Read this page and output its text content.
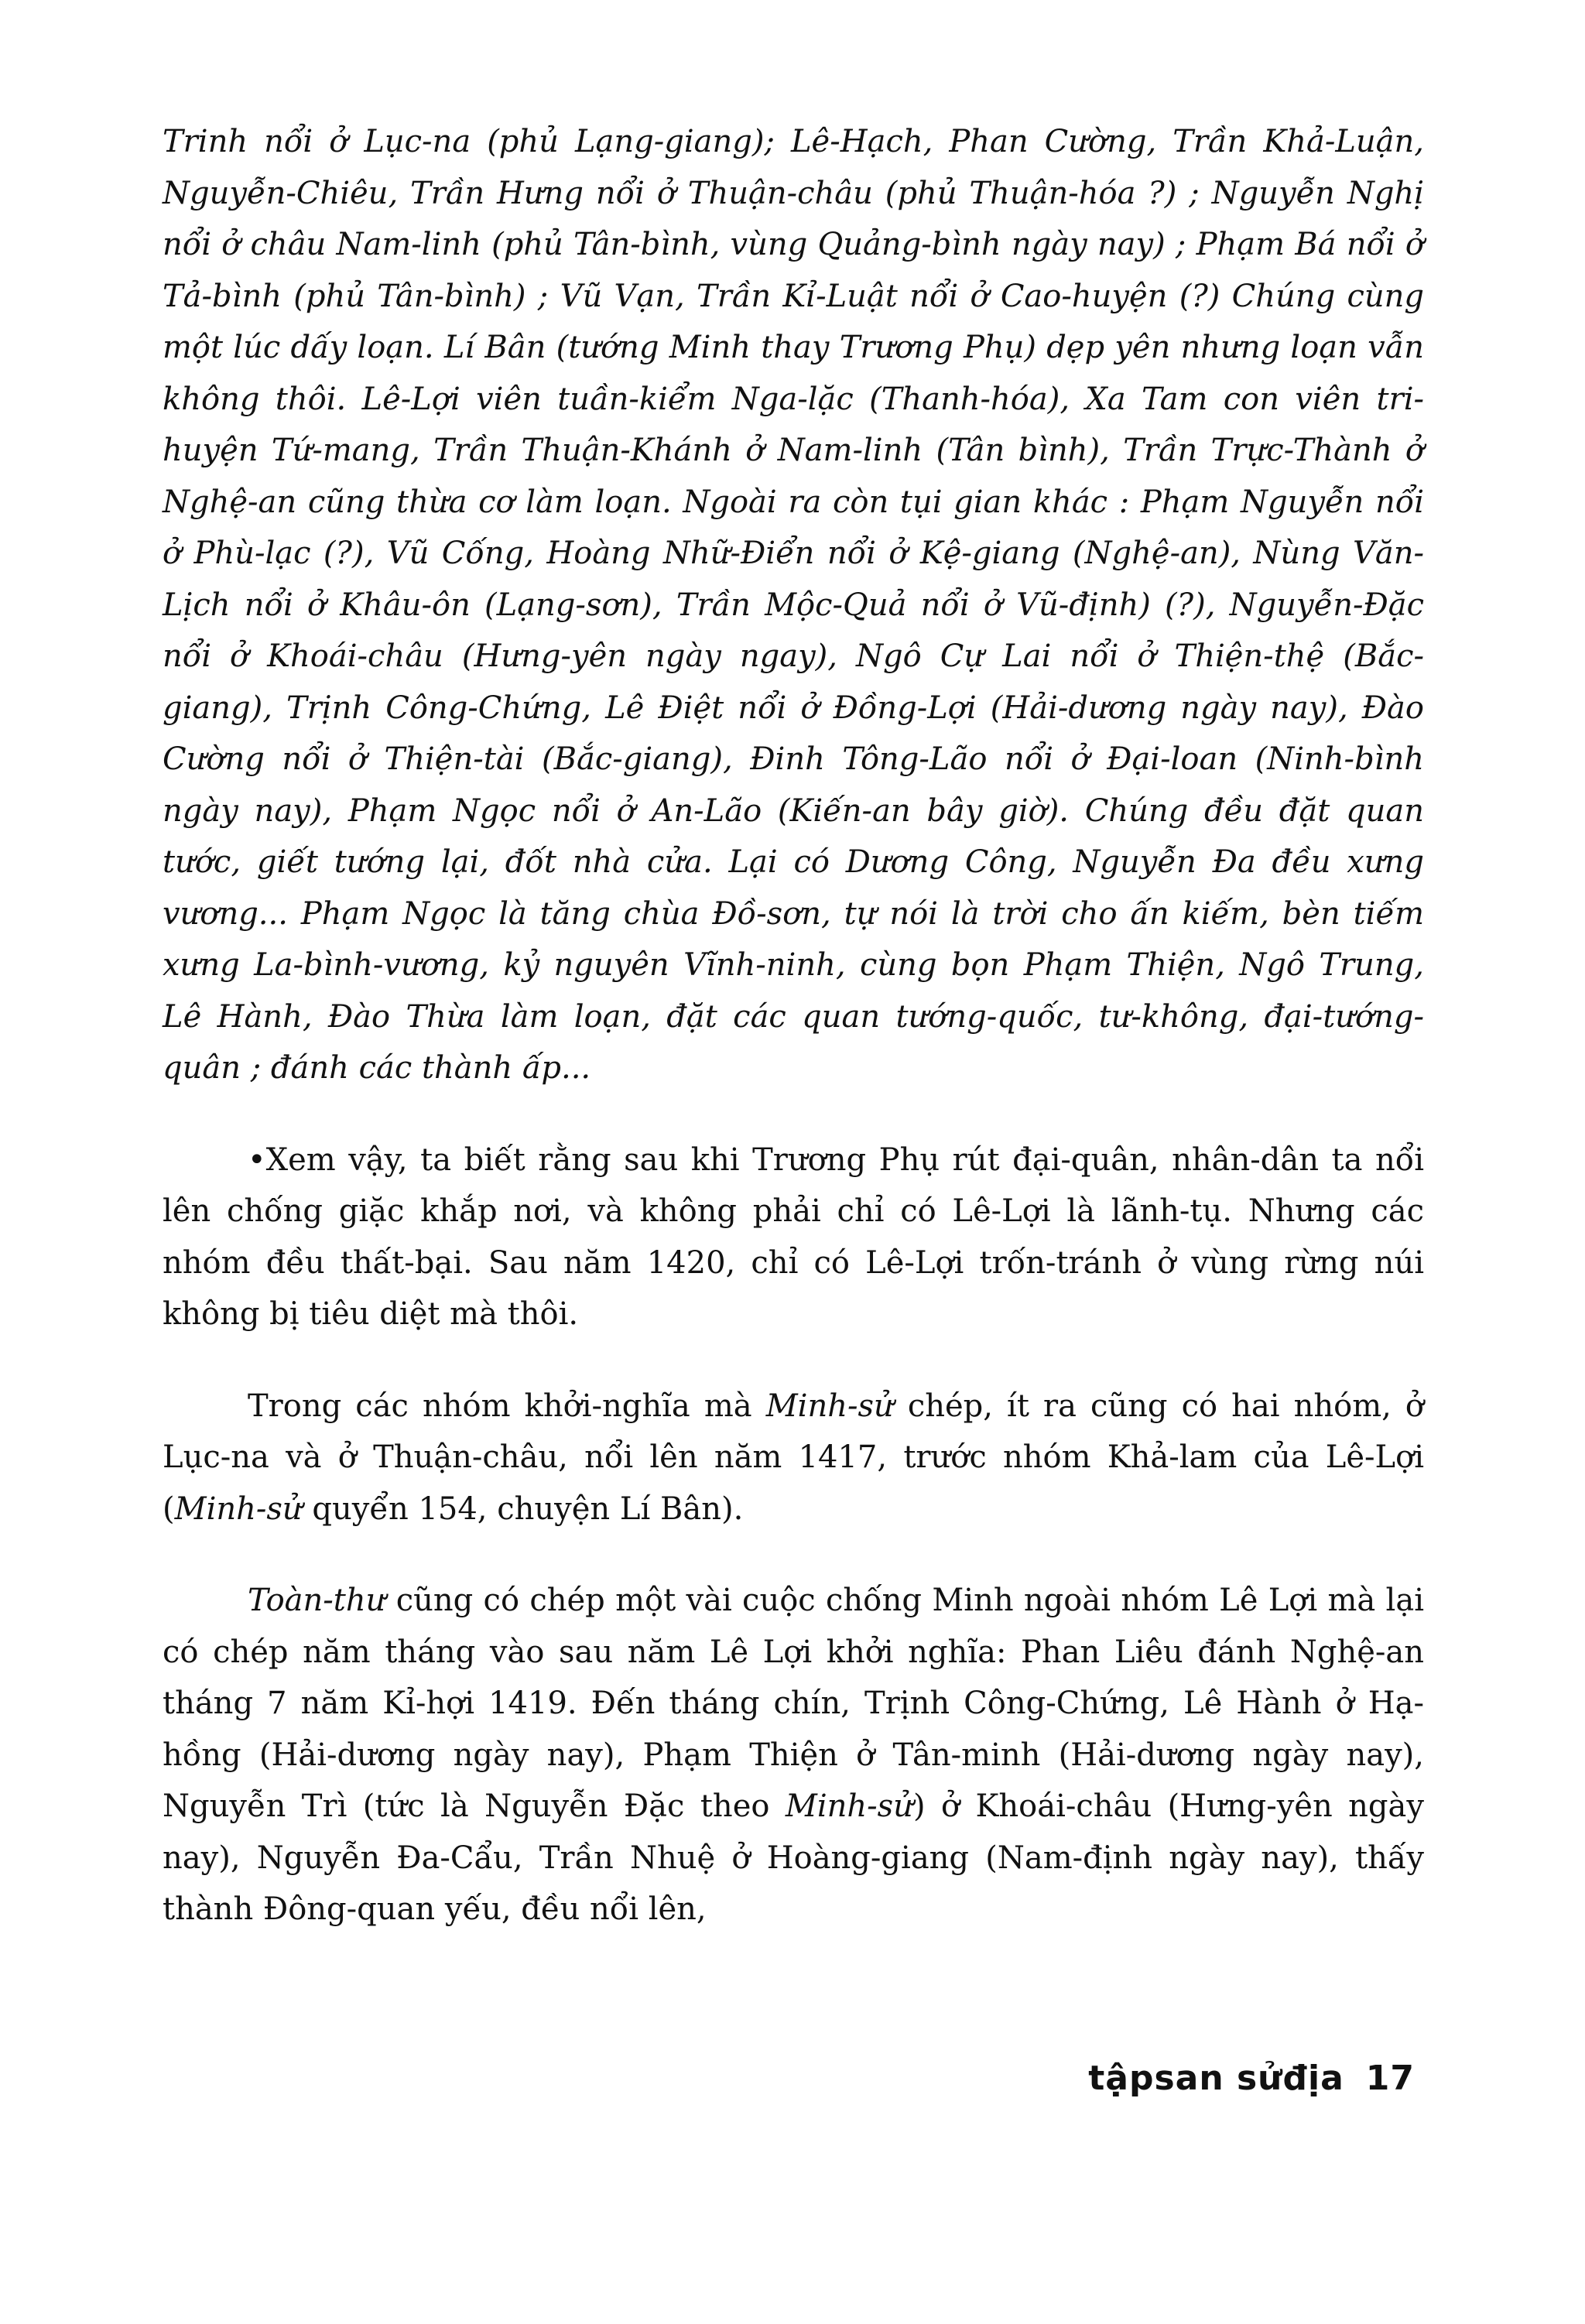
Trinh nổi ở Lục-na (phủ Lạng-giang); Lê-Hạch, Phan Cường, Trần Khả-Luận, Nguyễn-Chiêu, Trần Hưng nổi ở Thuận-châu (phủ Thuận-hóa ?) ; Nguyễn Nghị nổi ở châu Nam-linh (phủ Tân-bình, vùng Quảng-bình ngày nay) ; Phạm Bá nổi ở Tả-bình (phủ Tân-bình) ; Vũ Vạn, Trần Kỉ-Luật nổi ở Cao-huyện (?) Chúng cùng một lúc dấy loạn. Lí Bân (tướng Minh thay Trương Phụ) dẹp yên nhưng loạn vẫn không thôi. Lê-Lợi viên tuần-kiểm Nga-lặc (Thanh-hóa), Xa Tam con viên tri-huyện Tứ-mang, Trần Thuận-Khánh ở Nam-linh (Tân bình), Trần Trực-Thành ở Nghệ-an cũng thừa cơ làm loạn. Ngoài ra còn tụi gian khác : Phạm Nguyễn nổi ở Phù-lạc (?), Vũ Cống, Hoàng Nhữ-Điển nổi ở Kệ-giang (Nghệ-an), Nùng Văn-Lịch nổi ở Khâu-ôn (Lạng-sơn), Trần Mộc-Quả nổi ở Vũ-định) (?), Nguyễn-Đặc nổi ở Khoái-châu (Hưng-yên ngày ngay), Ngô Cự Lai nổi ở Thiện-thệ (Bắc-giang), Trịnh Công-Chứng, Lê Điệt nổi ở Đồng-Lợi (Hải-dương ngày nay), Đào Cường nổi ở Thiện-tài (Bắc-giang), Đinh Tông-Lão nổi ở Đại-loan (Ninh-bình ngày nay), Phạm Ngọc nổi ở An-Lão (Kiến-an bây giờ). Chúng đều đặt quan tước, giết tướng lại, đốt nhà cửa. Lại có Dương Công, Nguyễn Đa đều xưng vương... Phạm Ngọc là tăng chùa Đồ-sơn, tự nói là trời cho ấn kiếm, bèn tiếm xưng La-bình-vương, kỷ nguyên Vĩnh-ninh, cùng bọn Phạm Thiện, Ngô Trung, Lê Hành, Đào Thừa làm loạn, đặt các quan tướng-quốc, tư-không, đại-tướng-quân ; đánh các thành ấp...

•Xem vậy, ta biết rằng sau khi Trương Phụ rút đại-quân, nhân-dân ta nổi lên chống giặc khắp nơi, và không phải chỉ có Lê-Lợi là lãnh-tụ. Nhưng các nhóm đều thất-bại. Sau năm 1420, chỉ có Lê-Lợi trốn-tránh ở vùng rừng núi không bị tiêu diệt mà thôi.

Trong các nhóm khởi-nghĩa mà Minh-sử chép, ít ra cũng có hai nhóm, ở Lục-na và ở Thuận-châu, nổi lên năm 1417, trước nhóm Khả-lam của Lê-Lợi (Minh-sử quyển 154, chuyện Lí Bân).

Toàn-thư cũng có chép một vài cuộc chống Minh ngoài nhóm Lê Lợi mà lại có chép năm tháng vào sau năm Lê Lợi khởi nghĩa: Phan Liêu đánh Nghệ-an tháng 7 năm Kỉ-hợi 1419. Đến tháng chín, Trịnh Công-Chứng, Lê Hành ở Hạ-hồng (Hải-dương ngày nay), Phạm Thiện ở Tân-minh (Hải-dương ngày nay), Nguyễn Trì (tức là Nguyễn Đặc theo Minh-sử) ở Khoái-châu (Hưng-yên ngày nay), Nguyễn Đa-Cẩu, Trần Nhuệ ở Hoàng-giang (Nam-định ngày nay), thấy thành Đông-quan yếu, đều nổi lên,

tậpsan sửđịa 17
